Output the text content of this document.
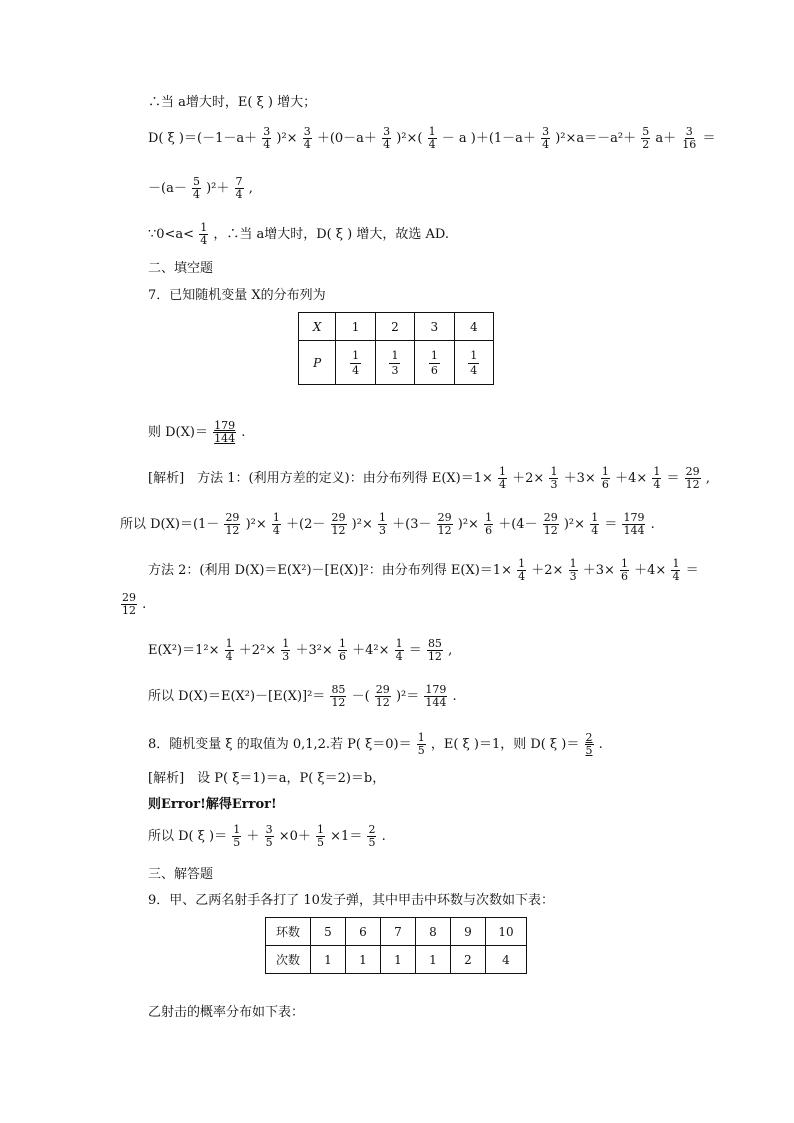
∴当 a增大时，E( ξ ) 增大；
D( ξ )$=(-1-a+ \frac{3}{4} )^2\times \frac{3}{4} +(0-a+ \frac{3}{4} )^2\times( \frac{1}{4} - a$ )$+(1-a+ \frac{3}{4} )^2\times a=-a^2+ \frac{5}{2} a+ \frac{3}{16}$ ＝
$-(a- \frac{5}{4} )^2+ \frac{7}{4}$ ,
∵0<a< $\frac{1}{4}$ ，∴当 a增大时，D( ξ ) 增大，故选 AD.
二、填空题
7．已知随机变量 X的分布列为
X	1	2	3	4
P	$\frac{1}{4}$	$\frac{1}{3}$	$\frac{1}{6}$	$\frac{1}{4}$
则 $D(X)= \frac{179}{144}$ .
[解析]　方法 1：(利用方差的定义)：由分布列得 $E(X)=1\times \frac{1}{4} +2\times \frac{1}{3} +3\times \frac{1}{6} +4\times \frac{1}{4} = \frac{29}{12}$ ,
所以 $D(X)=(1- \frac{29}{12} )^2\times \frac{1}{4} +(2- \frac{29}{12} )^2\times \frac{1}{3} +(3- \frac{29}{12} )^2\times \frac{1}{6} +(4- \frac{29}{12} )^2\times \frac{1}{4} = \frac{179}{144}$ .
方法 2：(利用 D(X)＝E(X²)－[E(X)]²：由分布列得 $E(X)=1\times \frac{1}{4} +2\times \frac{1}{3} +3\times \frac{1}{6} +4\times \frac{1}{4}$ ＝
$\frac{29}{12}$ .
$E(X^2)=1^2\times \frac{1}{4} +2^2\times \frac{1}{3} +3^2\times \frac{1}{6} +4^2\times \frac{1}{4} = \frac{85}{12}$ ,
所以 $D(X)=E(X^2)-[E(X)]^2= \frac{85}{12}$ －( $\frac{29}{12} )^2= \frac{179}{144}$ .
8．随机变量 ξ 的取值为 0,1,2.若 P( $\xi=0)= \frac{1}{5}$ ，E( ξ )＝1，则 D( ξ )＝ $\frac{2}{5}$ .
[解析]　设 P( ξ＝1)＝a，P( ξ＝2)＝b，
则Error!解得Error!
所以 D( ξ )＝ $\frac{1}{5} + \frac{3}{5} \times 0+ \frac{1}{5} \times 1= \frac{2}{5}$ .
三、解答题
9．甲、乙两名射手各打了 10发子弹，其中甲击中环数与次数如下表：
环数	5	6	7	8	9	10
次数	1	1	1	1	2	4
乙射击的概率分布如下表：
